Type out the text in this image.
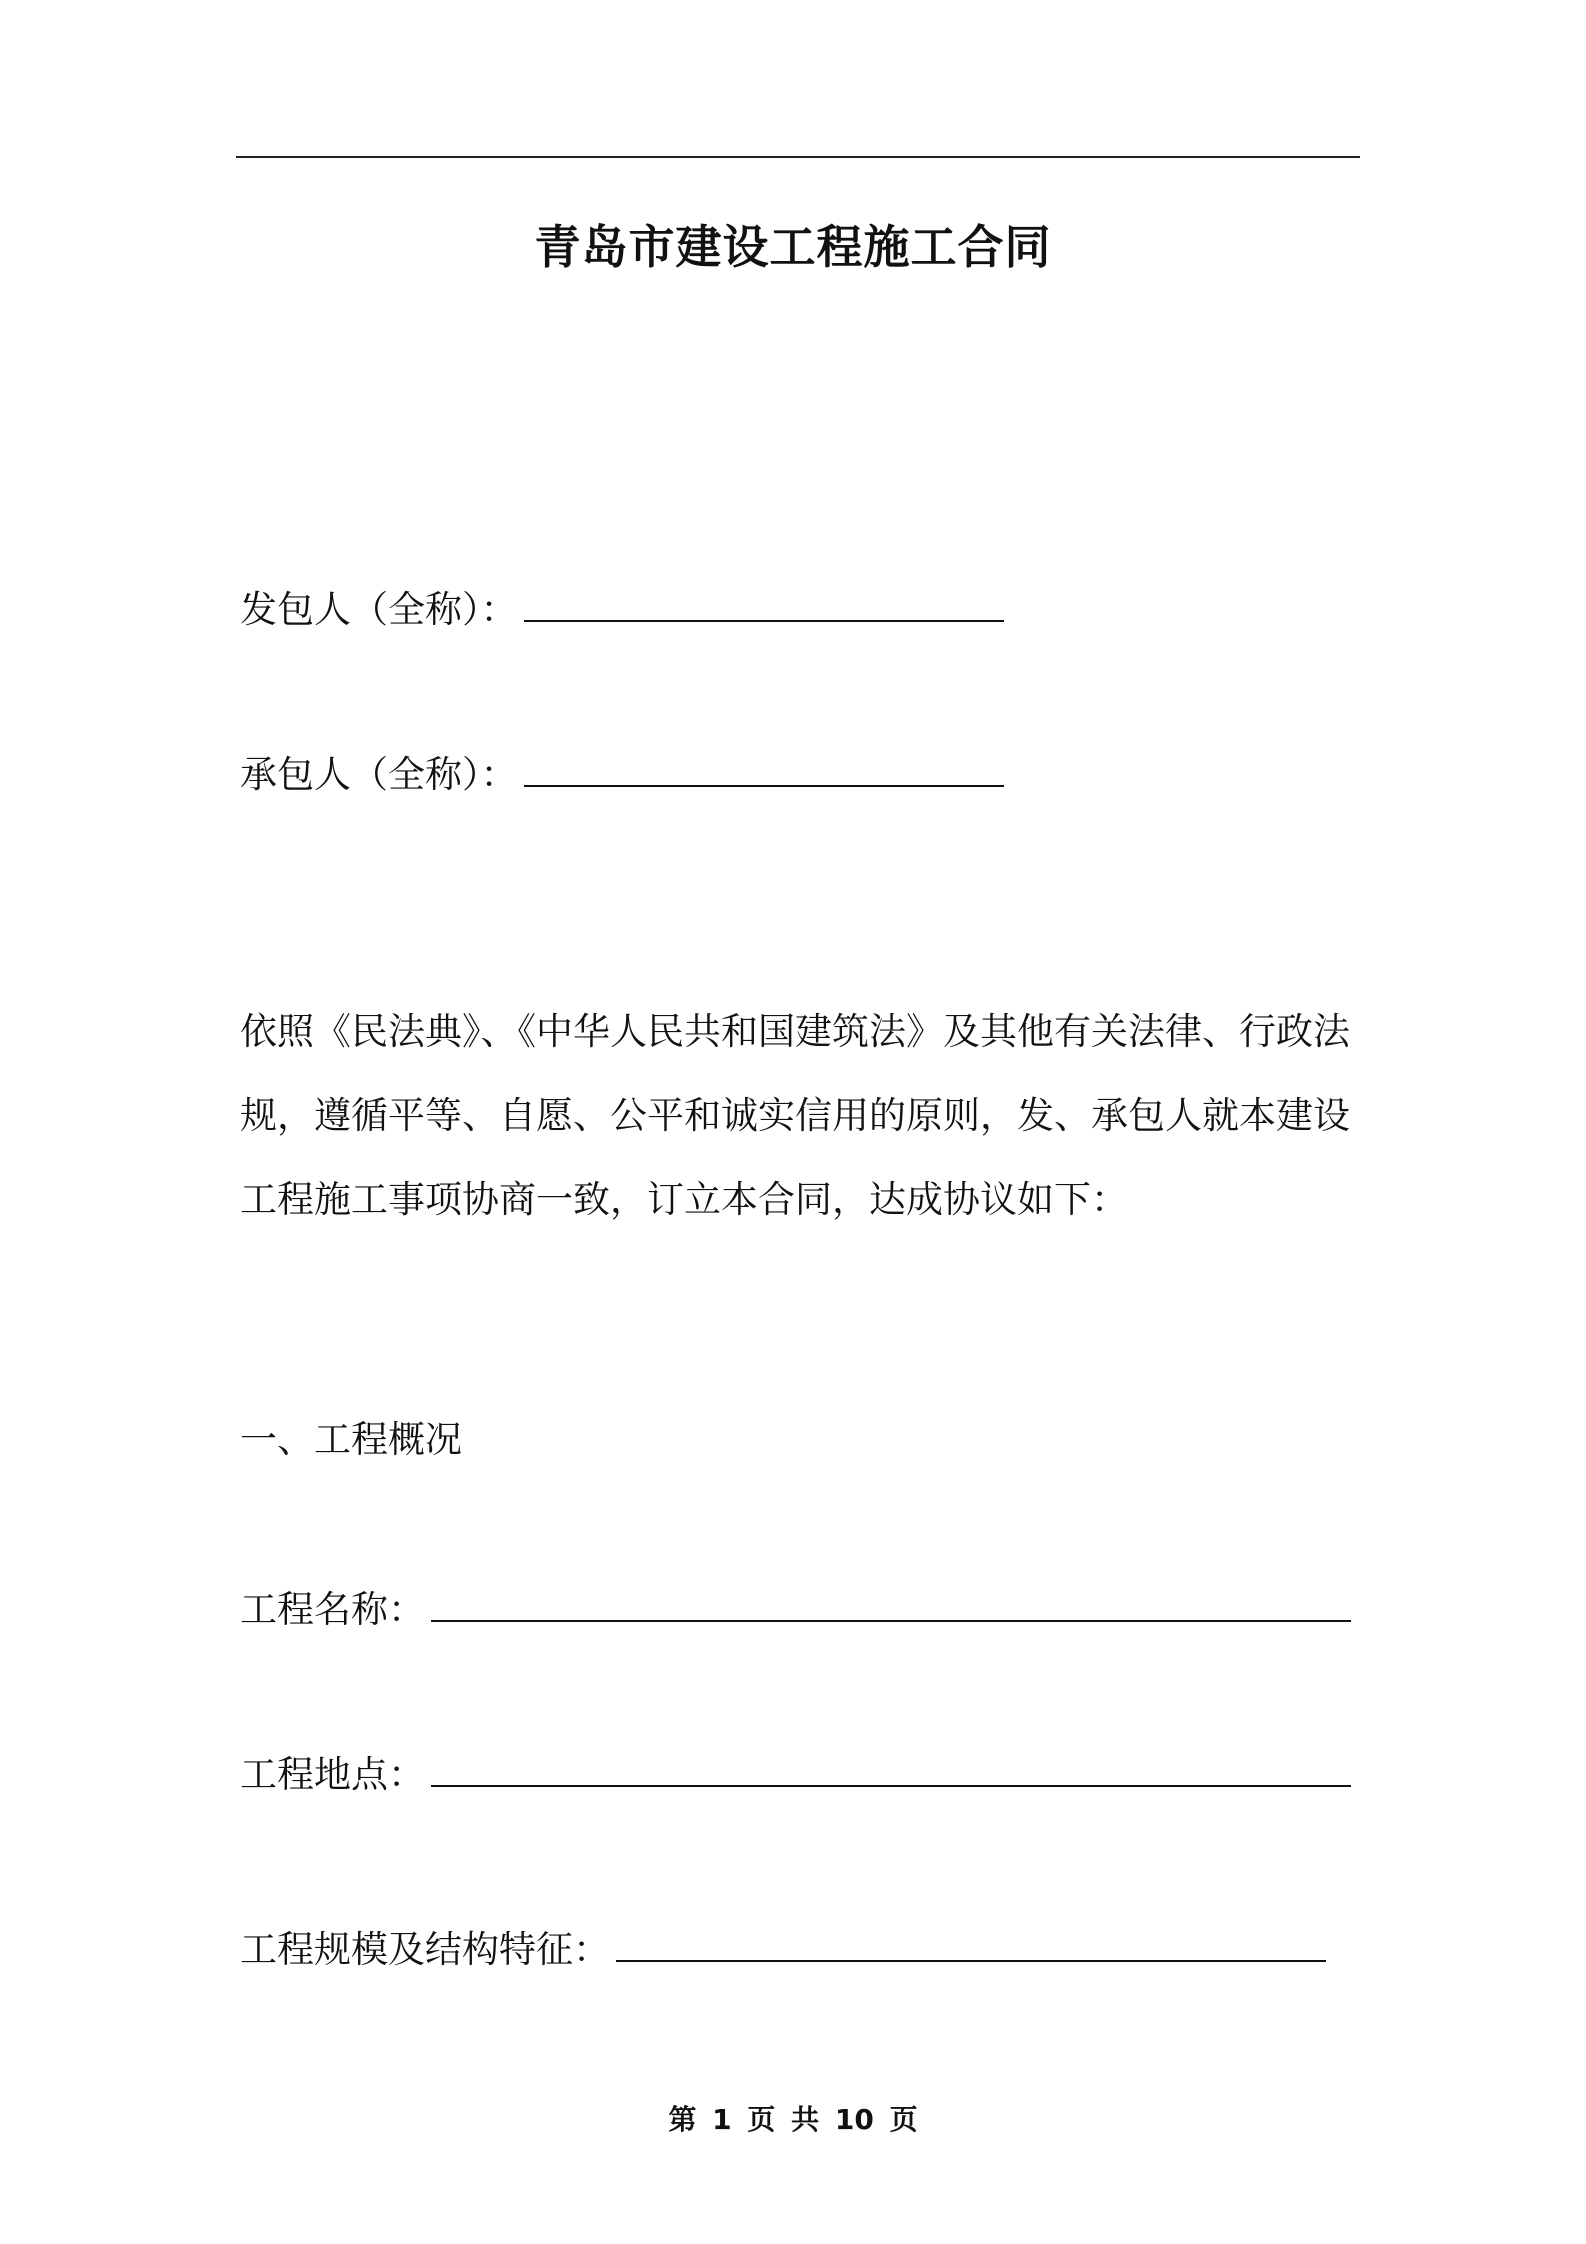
青岛市建设工程施工合同
发包人（全称）：
承包人（全称）：
依照《民法典》、《中华人民共和国建筑法》及其他有关法律、行政法
规，遵循平等、自愿、公平和诚实信用的原则，发、承包人就本建设
工程施工事项协商一致，订立本合同，达成协议如下：
一、工程概况
工程名称：
工程地点：
工程规模及结构特征：
第 1 页 共 10 页
